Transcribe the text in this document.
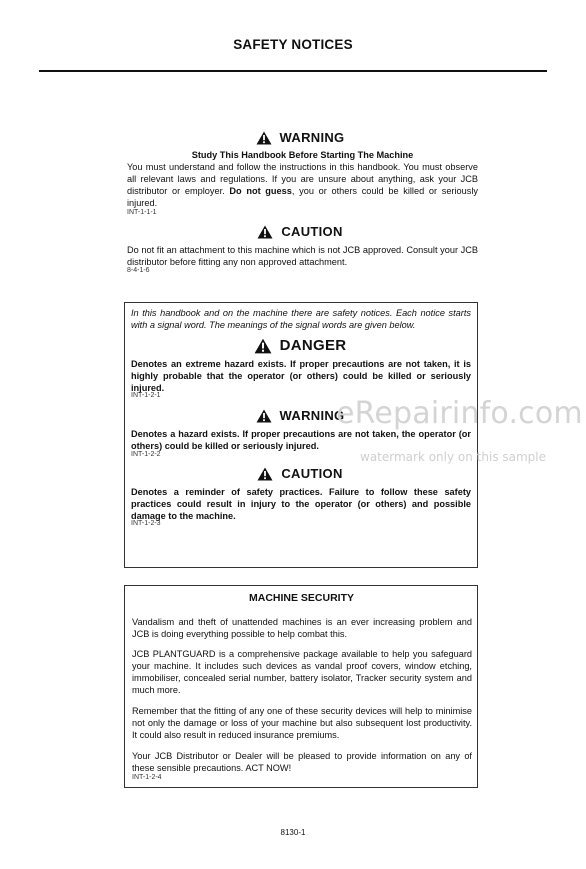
SAFETY NOTICES
WARNING
Study This Handbook Before Starting The Machine
You must understand and follow the instructions in this handbook. You must observe all relevant laws and regulations. If you are unsure about anything, ask your JCB distributor or employer. Do not guess, you or others could be killed or seriously injured.
INT-1-1-1
CAUTION
Do not fit an attachment to this machine which is not JCB approved. Consult your JCB distributor before fitting any non approved attachment.
8-4-1-6
In this handbook and on the machine there are safety notices. Each notice starts with a signal word. The meanings of the signal words are given below.
DANGER
Denotes an extreme hazard exists. If proper precautions are not taken, it is highly probable that the operator (or others) could be killed or seriously injured.
INT-1-2-1
WARNING
Denotes a hazard exists. If proper precautions are not taken, the operator (or others) could be killed or seriously injured.
INT-1-2-2
CAUTION
Denotes a reminder of safety practices. Failure to follow these safety practices could result in injury to the operator (or others) and possible damage to the machine.
INT-1-2-3
eRepairinfo.com
watermark only on this sample
MACHINE SECURITY
Vandalism and theft of unattended machines is an ever increasing problem and JCB is doing everything possible to help combat this.
JCB PLANTGUARD is a comprehensive package available to help you safeguard your machine. It includes such devices as vandal proof covers, window etching, immobiliser, concealed serial number, battery isolator, Tracker security system and much more.
Remember that the fitting of any one of these security devices will help to minimise not only the damage or loss of your machine but also subsequent lost productivity. It could also result in reduced insurance premiums.
Your JCB Distributor or Dealer will be pleased to provide information on any of these sensible precautions. ACT NOW!
INT-1-2-4
8130-1
